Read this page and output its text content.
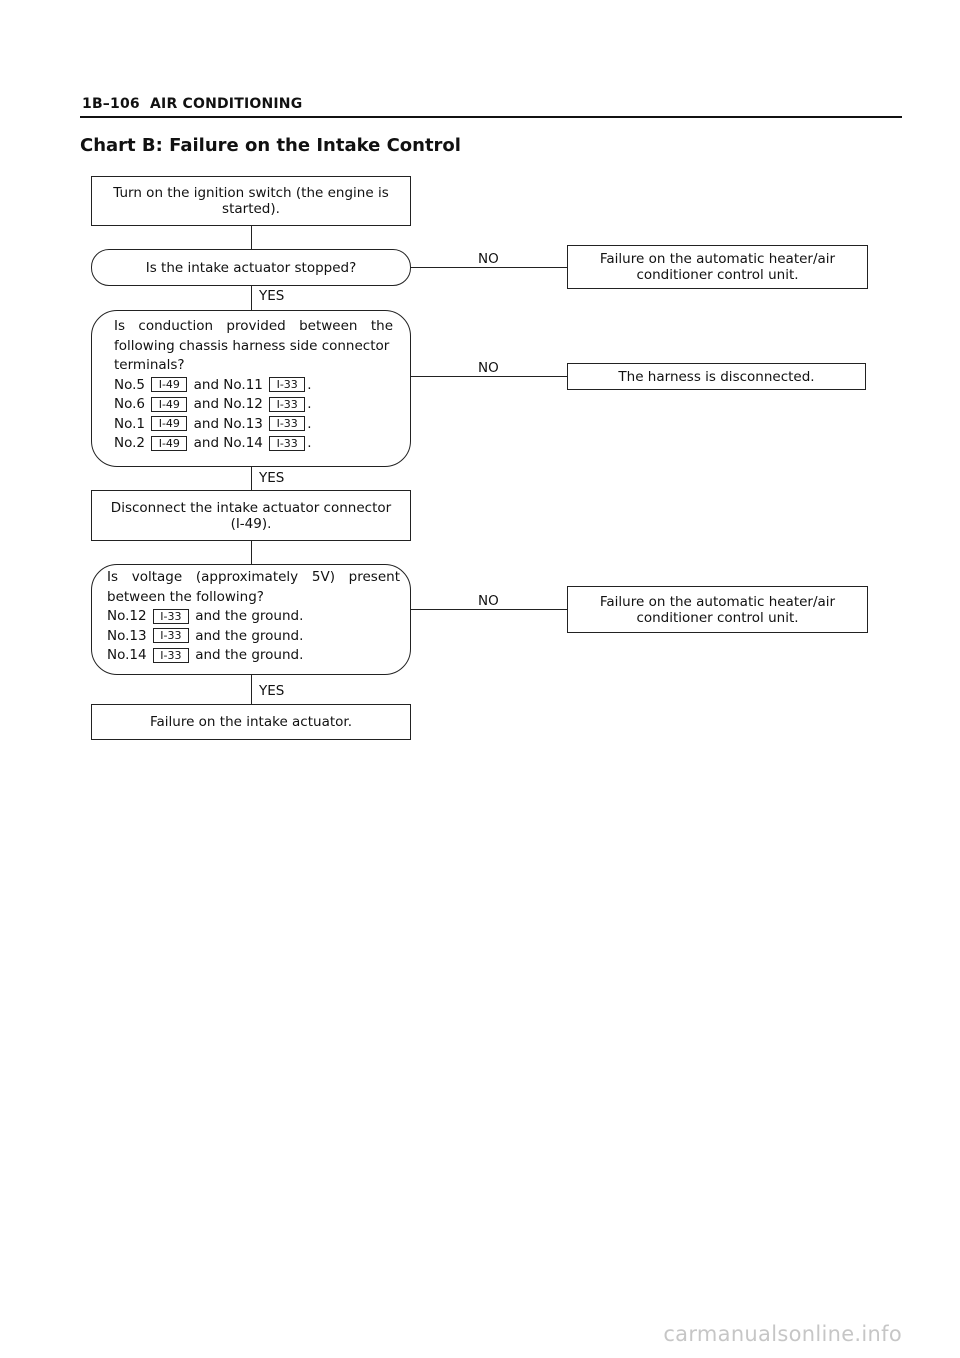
1B–106 AIR CONDITIONING
Chart B: Failure on the Intake Control
Turn on the ignition switch (the engine is started).
Is the intake actuator stopped?
YES
NO	Failure on the automatic heater/air conditioner control unit.
Is conduction provided between the
following chassis harness side connector
terminals?
No.5 I-49 and No.11 I-33 .
No.6 I-49 and No.12 I-33 .
No.1 I-49 and No.13 I-33 .
No.2 I-49 and No.14 I-33 .
YES
NO
The harness is disconnected.
Disconnect the intake actuator connector (I-49).
Is voltage (approximately 5V) present
between the following?
No.12 I-33 and the ground.
No.13 I-33 and the ground.
No.14 I-33 and the ground.
YES
NO	Failure on the automatic heater/air conditioner control unit.
Failure on the intake actuator.
carmanualsonline.info
